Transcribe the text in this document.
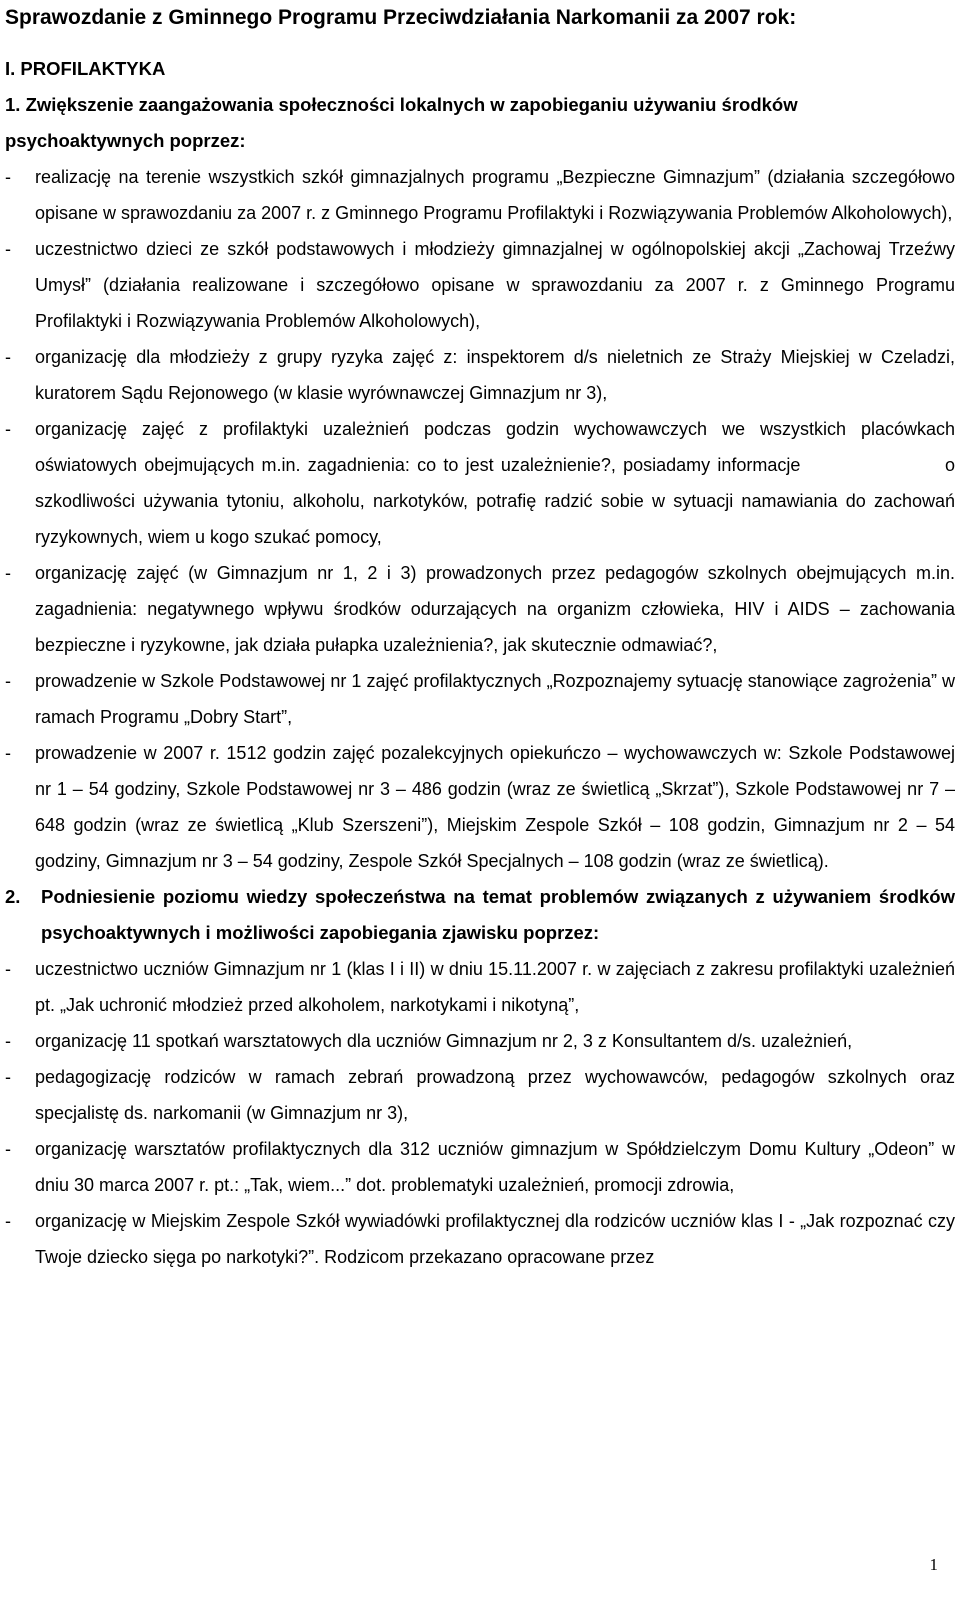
Sprawozdanie z Gminnego Programu Przeciwdziałania Narkomanii za 2007 rok:
I. PROFILAKTYKA
1. Zwiększenie zaangażowania społeczności lokalnych w zapobieganiu używaniu środków psychoaktywnych poprzez:
-	realizację na terenie wszystkich szkół gimnazjalnych programu „Bezpieczne Gimnazjum” (działania szczegółowo opisane w sprawozdaniu za 2007 r. z Gminnego Programu Profilaktyki i Rozwiązywania Problemów Alkoholowych),
-	uczestnictwo dzieci ze szkół podstawowych i młodzieży gimnazjalnej w ogólnopolskiej akcji „Zachowaj Trzeźwy Umysł” (działania realizowane i szczegółowo opisane w sprawozdaniu za 2007 r. z Gminnego Programu Profilaktyki i Rozwiązywania Problemów Alkoholowych),
-	organizację dla młodzieży z grupy ryzyka zajęć z: inspektorem d/s nieletnich ze Straży Miejskiej w Czeladzi, kuratorem Sądu Rejonowego (w klasie wyrównawczej Gimnazjum nr 3),
-	organizację zajęć z profilaktyki uzależnień podczas godzin wychowawczych we wszystkich placówkach oświatowych obejmujących m.in. zagadnienia: co to jest uzależnienie?, posiadamy informacje                    o szkodliwości używania tytoniu, alkoholu, narkotyków, potrafię radzić sobie w sytuacji namawiania do zachowań ryzykownych, wiem u kogo szukać pomocy,
-	organizację zajęć (w Gimnazjum nr 1, 2 i 3) prowadzonych przez pedagogów szkolnych obejmujących m.in. zagadnienia: negatywnego wpływu środków odurzających na organizm człowieka, HIV i AIDS – zachowania bezpieczne i ryzykowne, jak działa pułapka uzależnienia?, jak skutecznie odmawiać?,
-	prowadzenie w Szkole Podstawowej nr 1 zajęć profilaktycznych „Rozpoznajemy sytuację stanowiące zagrożenia” w ramach Programu „Dobry Start”,
-	prowadzenie w 2007 r. 1512 godzin zajęć pozalekcyjnych opiekuńczo – wychowawczych w: Szkole Podstawowej nr 1 – 54 godziny, Szkole Podstawowej nr 3 – 486 godzin (wraz ze świetlicą „Skrzat”), Szkole Podstawowej nr 7 – 648 godzin (wraz ze świetlicą „Klub Szerszeni”), Miejskim Zespole Szkół – 108 godzin, Gimnazjum nr 2 – 54 godziny, Gimnazjum nr 3 – 54 godziny, Zespole Szkół Specjalnych – 108 godzin (wraz ze świetlicą).
2.	Podniesienie poziomu wiedzy społeczeństwa na temat problemów związanych z używaniem środków psychoaktywnych i możliwości zapobiegania zjawisku poprzez:
-	uczestnictwo uczniów Gimnazjum nr 1 (klas I i II) w dniu 15.11.2007 r. w zajęciach z zakresu profilaktyki uzależnień pt. „Jak uchronić młodzież przed alkoholem, narkotykami i nikotyną”,
-	organizację 11 spotkań warsztatowych dla uczniów Gimnazjum nr 2, 3 z Konsultantem d/s. uzależnień,
-	pedagogizację rodziców w ramach zebrań prowadzoną przez wychowawców, pedagogów szkolnych oraz specjalistę ds. narkomanii (w Gimnazjum nr 3),
-	organizację warsztatów profilaktycznych dla 312 uczniów gimnazjum w Spółdzielczym Domu Kultury „Odeon” w dniu 30 marca 2007 r. pt.: „Tak, wiem...” dot. problematyki uzależnień, promocji zdrowia,
-	organizację w Miejskim Zespole Szkół wywiadówki profilaktycznej dla rodziców uczniów klas I - „Jak rozpoznać czy Twoje dziecko sięga po narkotyki?”. Rodzicom przekazano opracowane przez
1
